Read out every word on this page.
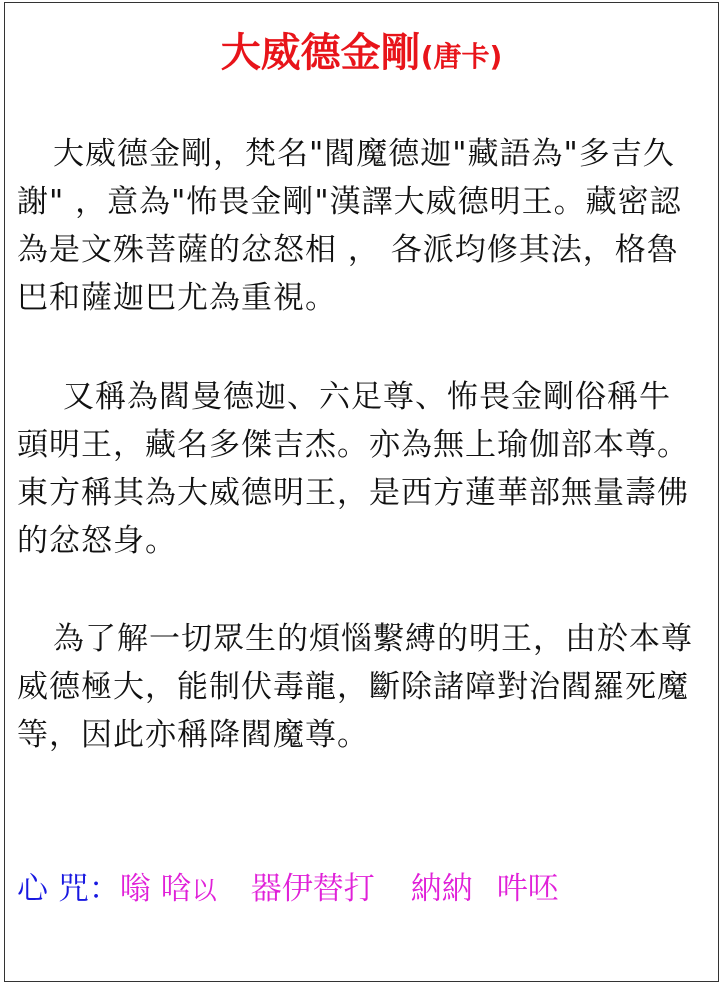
大威德金剛(唐卡)

大威德金剛，梵名"閻魔德迦"藏語為"多吉久謝" ，意為"怖畏金剛"漢譯大威德明王。藏密認為是文殊菩薩的忿怒相 ， 各派均修其法，格魯巴和薩迦巴尤為重視。

又稱為閻曼德迦、六足尊、怖畏金剛俗稱牛頭明王，藏名多傑吉杰。亦為無上瑜伽部本尊。東方稱其為大威德明王，是西方蓮華部無量壽佛的忿怒身。

為了解一切眾生的煩惱繫縛的明王，由於本尊威德極大，能制伏毒龍，斷除諸障對治閻羅死魔等，因此亦稱降閻魔尊。

心 咒：嗡 唅以 器伊替打 納納 吽呸
